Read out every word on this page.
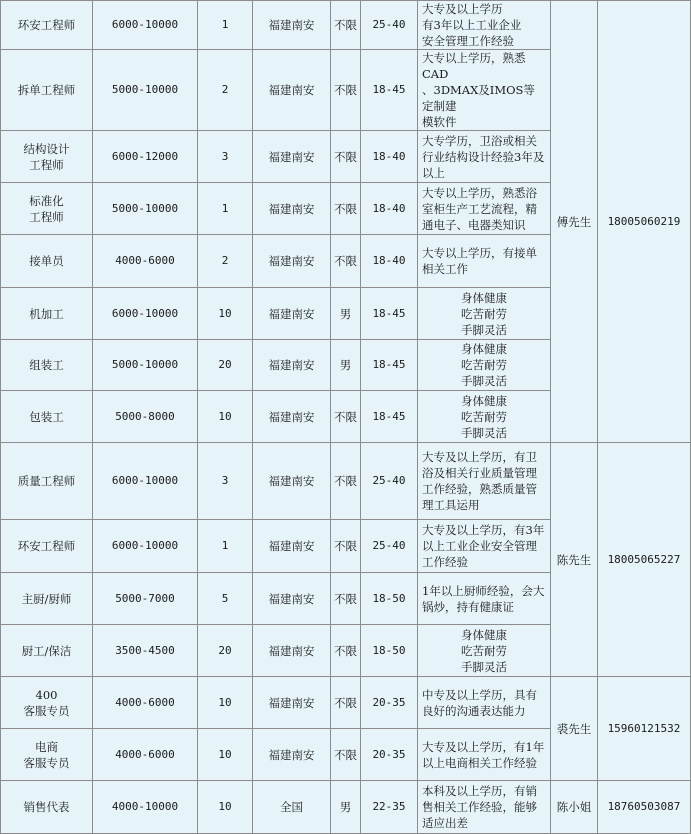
环安工程师	6000-10000	1	福建南安	不限	25-40	大专及以上学历
有3年以上工业企业
安全管理工作经验	傅先生	18005060219

拆单工程师	5000-10000	2	福建南安	不限	18-45	大专以上学历，熟悉CAD
、3DMAX及IMOS等定制建
模软件		

结构设计
工程师	6000-12000	3	福建南安	不限	18-40	大专学历，卫浴或相关
行业结构设计经验3年及
以上		

标准化
工程师	5000-10000	1	福建南安	不限	18-40	大专以上学历，熟悉浴
室柜生产工艺流程，精
通电子、电器类知识		

接单员	4000-6000	2	福建南安	不限	18-40	大专以上学历，有接单
相关工作		

机加工	6000-10000	10	福建南安	男	18-45	身体健康
吃苦耐劳
手脚灵活		

组装工	5000-10000	20	福建南安	男	18-45	身体健康
吃苦耐劳
手脚灵活		

包装工	5000-8000	10	福建南安	不限	18-45	身体健康
吃苦耐劳
手脚灵活		

质量工程师	6000-10000	3	福建南安	不限	25-40	大专及以上学历，有卫
浴及相关行业质量管理
工作经验，熟悉质量管
理工具运用	陈先生	18005065227

环安工程师	6000-10000	1	福建南安	不限	25-40	大专及以上学历，有3年
以上工业企业安全管理
工作经验		

主厨/厨师	5000-7000	5	福建南安	不限	18-50	1年以上厨师经验，会大
锅炒，持有健康证		

厨工/保洁	3500-4500	20	福建南安	不限	18-50	身体健康
吃苦耐劳
手脚灵活		

400
客服专员	4000-6000	10	福建南安	不限	20-35	中专及以上学历，具有
良好的沟通表达能力	裘先生	15960121532

电商
客服专员	4000-6000	10	福建南安	不限	20-35	大专及以上学历，有1年
以上电商相关工作经验		

销售代表	4000-10000	10	全国	男	22-35	本科及以上学历，有销
售相关工作经验，能够
适应出差	陈小姐	18760503087
